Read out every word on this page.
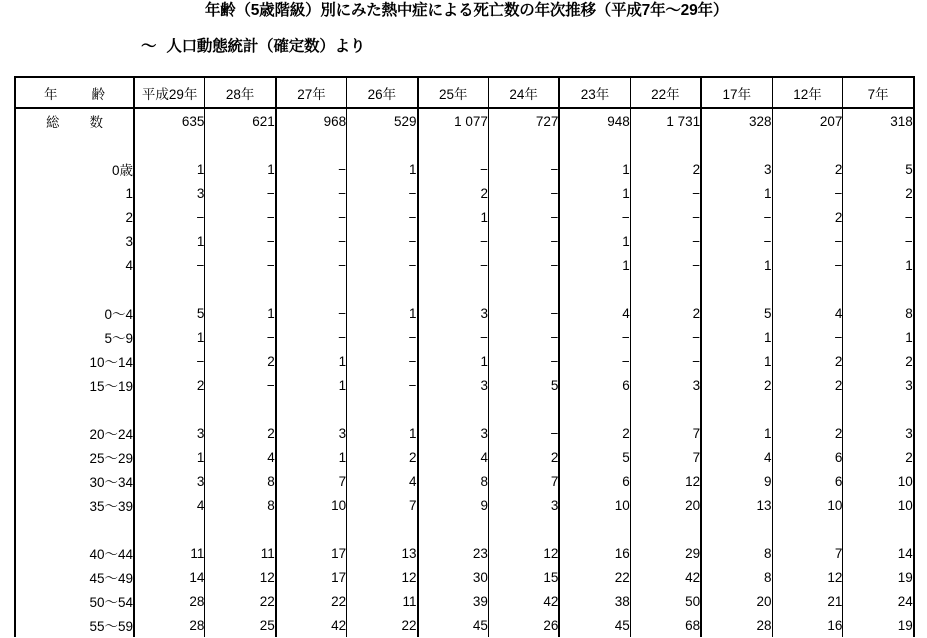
年齢（5歳階級）別にみた熱中症による死亡数の年次推移（平成7年〜29年）
〜 人口動態統計（確定数）より
年 齢	平成29年	28年	27年	26年	25年	24年	23年	22年	17年	12年	7年
総 数	635	621	968	529	1 077	727	948	1 731	328	207	318

0歳	1	1	−	1	−	−	1	2	3	2	5
1	3	−	−	−	2	−	1	−	1	−	2
2	−	−	−	−	1	−	−	−	−	2	−
3	1	−	−	−	−	−	1	−	−	−	−
4	−	−	−	−	−	−	1	−	1	−	1

0〜4	5	1	−	1	3	−	4	2	5	4	8
5〜9	1	−	−	−	−	−	−	−	1	−	1
10〜14	−	2	1	−	1	−	−	−	1	2	2
15〜19	2	−	1	−	3	5	6	3	2	2	3

20〜24	3	2	3	1	3	−	2	7	1	2	3
25〜29	1	4	1	2	4	2	5	7	4	6	2
30〜34	3	8	7	4	8	7	6	12	9	6	10
35〜39	4	8	10	7	9	3	10	20	13	10	10

40〜44	11	11	17	13	23	12	16	29	8	7	14
45〜49	14	12	17	12	30	15	22	42	8	12	19
50〜54	28	22	22	11	39	42	38	50	20	21	24
55〜59	28	25	42	22	45	26	45	68	28	16	19
